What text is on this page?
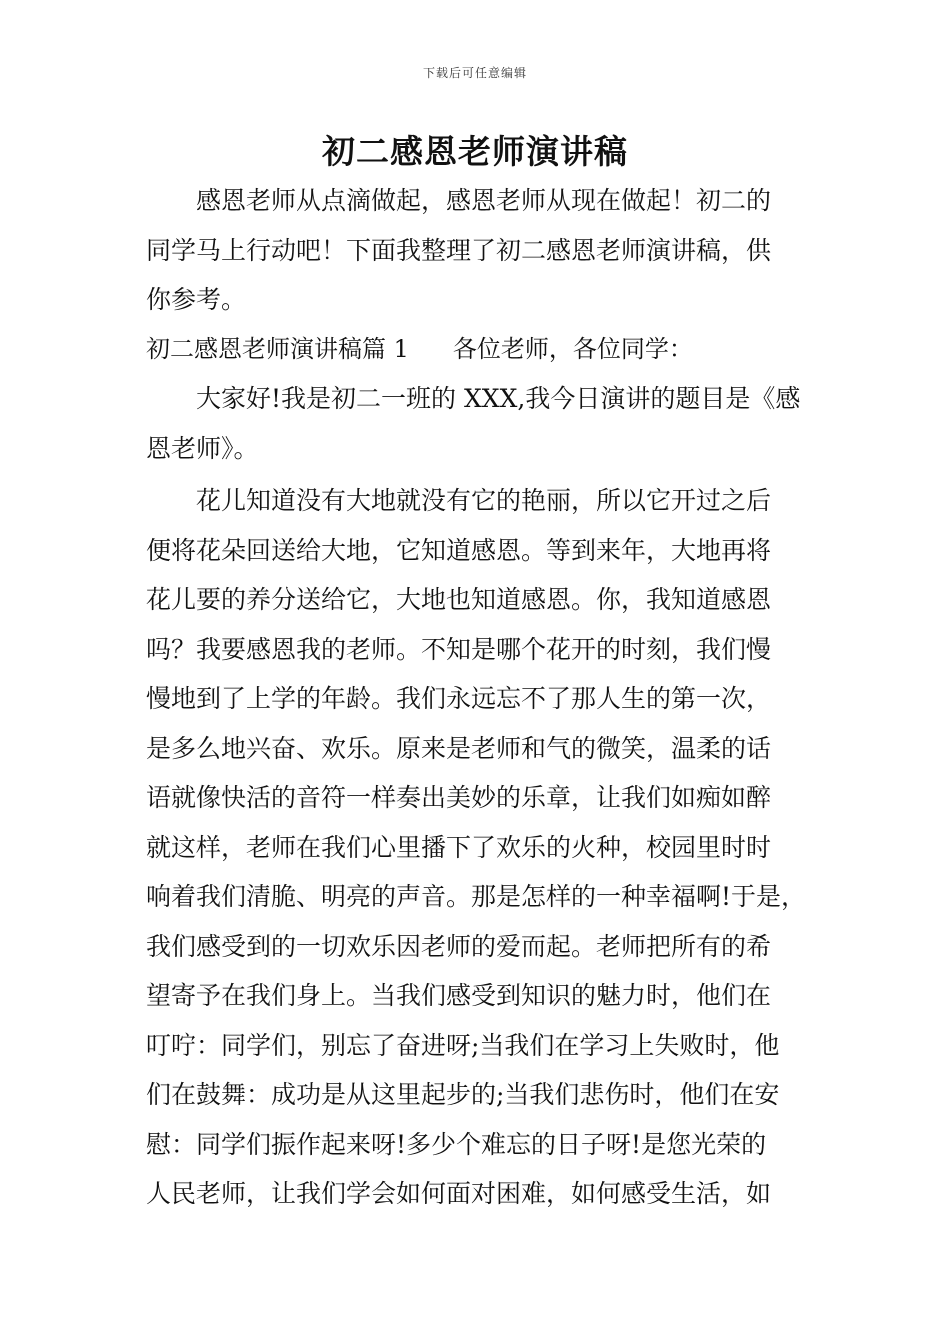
下载后可任意编辑
初二感恩老师演讲稿
感恩老师从点滴做起，感恩老师从现在做起！初二的
同学马上行动吧！下面我整理了初二感恩老师演讲稿，供
你参考。
初二感恩老师演讲稿篇 1 各位老师，各位同学：
大家好!我是初二一班的 XXX,我今日演讲的题目是《感
恩老师》。
花儿知道没有大地就没有它的艳丽，所以它开过之后
便将花朵回送给大地，它知道感恩。等到来年，大地再将
花儿要的养分送给它，大地也知道感恩。你，我知道感恩
吗？我要感恩我的老师。不知是哪个花开的时刻，我们慢
慢地到了上学的年龄。我们永远忘不了那人生的第一次，
是多么地兴奋、欢乐。原来是老师和气的微笑，温柔的话
语就像快活的音符一样奏出美妙的乐章，让我们如痴如醉
就这样，老师在我们心里播下了欢乐的火种，校园里时时
响着我们清脆、明亮的声音。那是怎样的一种幸福啊!于是，
我们感受到的一切欢乐因老师的爱而起。老师把所有的希
望寄予在我们身上。当我们感受到知识的魅力时，他们在
叮咛：同学们，别忘了奋进呀;当我们在学习上失败时，他
们在鼓舞：成功是从这里起步的;当我们悲伤时，他们在安
慰：同学们振作起来呀!多少个难忘的日子呀!是您光荣的
人民老师，让我们学会如何面对困难，如何感受生活，如
